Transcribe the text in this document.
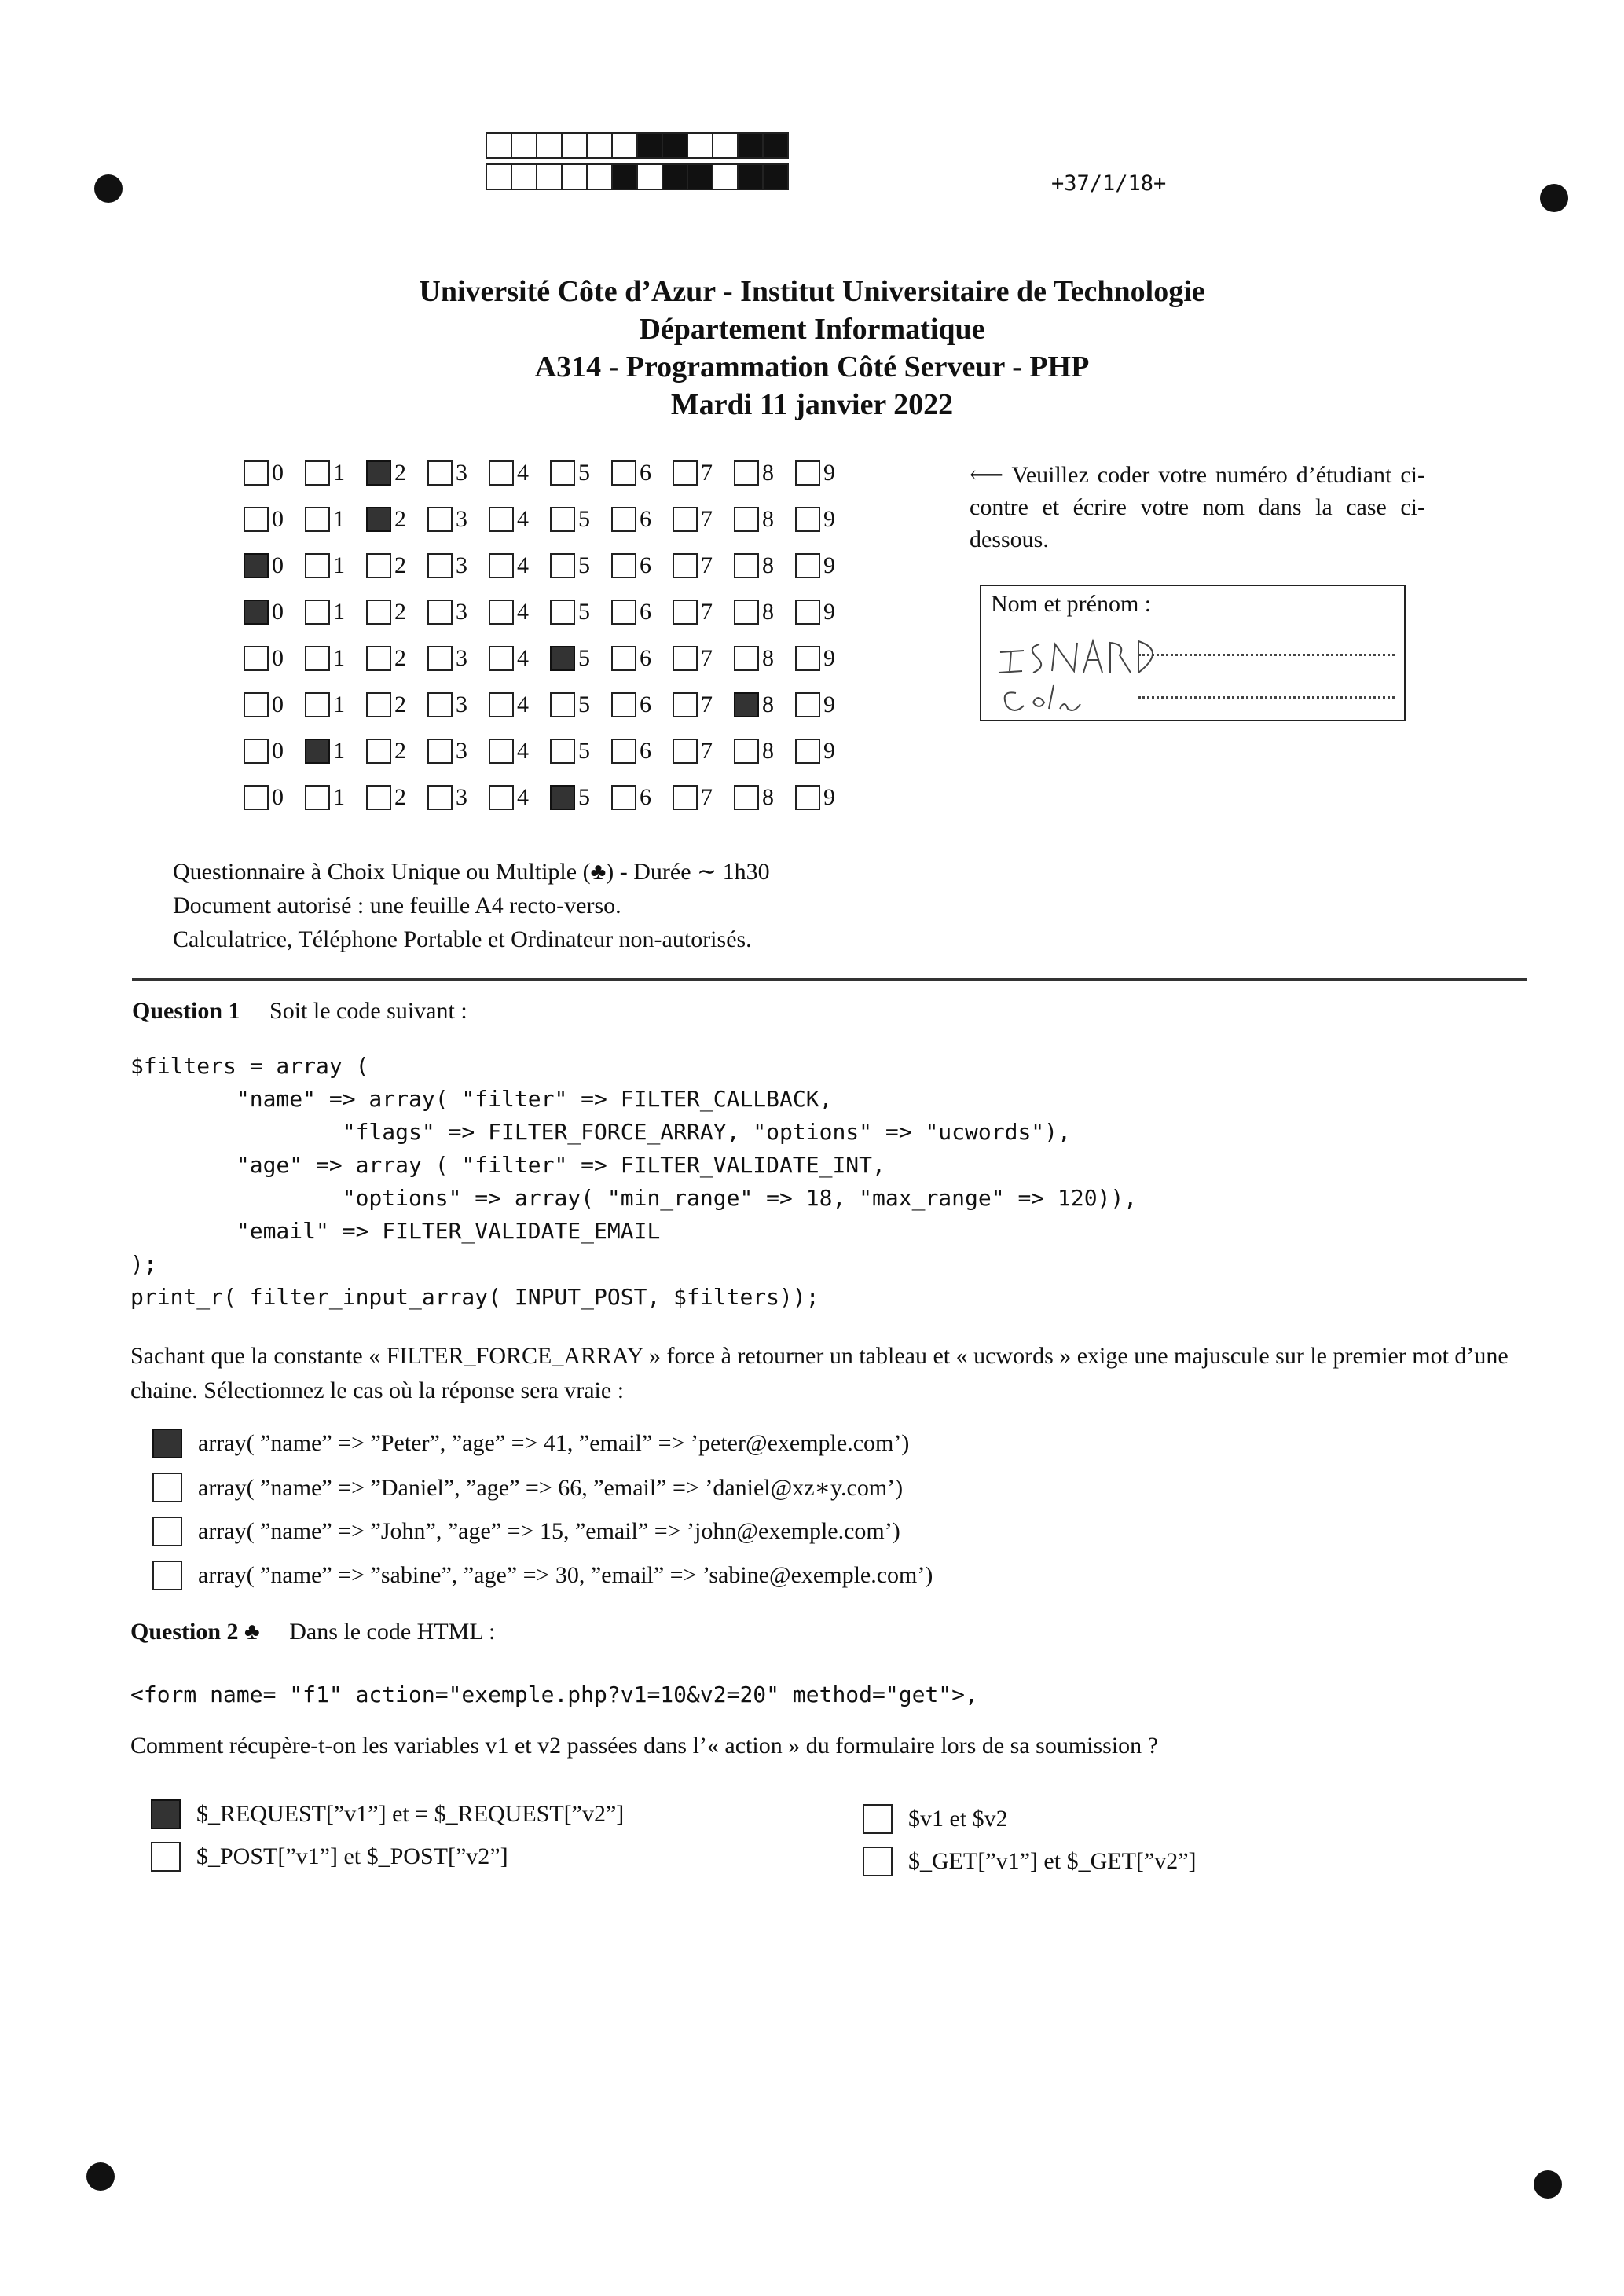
+37/1/18+
Université Côte d’Azur - Institut Universitaire de Technologie
Département Informatique
A314 - Programmation Côté Serveur - PHP
Mardi 11 janvier 2022
0 1 2 3 4 5 6 7 8 9
0 1 2 3 4 5 6 7 8 9
0 1 2 3 4 5 6 7 8 9
0 1 2 3 4 5 6 7 8 9
0 1 2 3 4 5 6 7 8 9
0 1 2 3 4 5 6 7 8 9
0 1 2 3 4 5 6 7 8 9
0 1 2 3 4 5 6 7 8 9
⟵ Veuillez coder votre numéro d’étudiant ci-contre et écrire votre nom dans la case ci-dessous.
Nom et prénom :
Questionnaire à Choix Unique ou Multiple (♣) - Durée ∼ 1h30
Document autorisé : une feuille A4 recto-verso.
Calculatrice, Téléphone Portable et Ordinateur non-autorisés.
Question 1 Soit le code suivant :
$filters = array (
"name" => array( "filter" => FILTER_CALLBACK,
"flags" => FILTER_FORCE_ARRAY, "options" => "ucwords"),
"age" => array ( "filter" => FILTER_VALIDATE_INT,
"options" => array( "min_range" => 18, "max_range" => 120)),
"email" => FILTER_VALIDATE_EMAIL
);
print_r( filter_input_array( INPUT_POST, $filters));
Sachant que la constante « FILTER_FORCE_ARRAY » force à retourner un tableau et « ucwords » exige une majuscule sur le premier mot d’une chaine. Sélectionnez le cas où la réponse sera vraie :
array( ”name” => ”Peter”, ”age” => 41, ”email” => ’peter@exemple.com’)
array( ”name” => ”Daniel”, ”age” => 66, ”email” => ’daniel@xz∗y.com’)
array( ”name” => ”John”, ”age” => 15, ”email” => ’john@exemple.com’)
array( ”name” => ”sabine”, ”age” => 30, ”email” => ’sabine@exemple.com’)
Question 2 ♣ Dans le code HTML :
<form name= "f1" action="exemple.php?v1=10&v2=20" method="get">,
Comment récupère-t-on les variables v1 et v2 passées dans l’« action » du formulaire lors de sa soumission ?
$_REQUEST[”v1”] et = $_REQUEST[”v2”]
$_POST[”v1”] et $_POST[”v2”]
$v1 et $v2
$_GET[”v1”] et $_GET[”v2”]
